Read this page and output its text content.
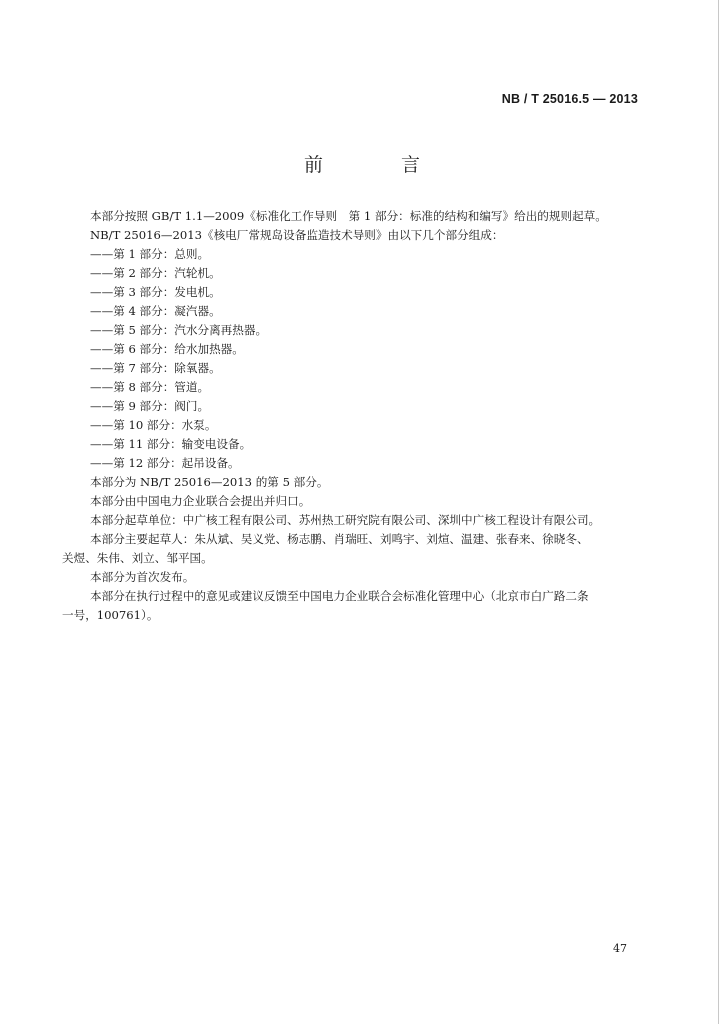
NB / T 25016.5 — 2013
前 言
本部分按照 GB/T 1.1—2009《标准化工作导则　第 1 部分：标准的结构和编写》给出的规则起草。
NB/T 25016—2013《核电厂常规岛设备监造技术导则》由以下几个部分组成：
——第 1 部分：总则。
——第 2 部分：汽轮机。
——第 3 部分：发电机。
——第 4 部分：凝汽器。
——第 5 部分：汽水分离再热器。
——第 6 部分：给水加热器。
——第 7 部分：除氧器。
——第 8 部分：管道。
——第 9 部分：阀门。
——第 10 部分：水泵。
——第 11 部分：输变电设备。
——第 12 部分：起吊设备。
本部分为 NB/T 25016—2013 的第 5 部分。
本部分由中国电力企业联合会提出并归口。
本部分起草单位：中广核工程有限公司、苏州热工研究院有限公司、深圳中广核工程设计有限公司。
本部分主要起草人：朱从斌、吴义党、杨志鹏、肖瑞旺、刘鸣宇、刘煊、温建、张春来、徐晓冬、
关煜、朱伟、刘立、邹平国。
本部分为首次发布。
本部分在执行过程中的意见或建议反馈至中国电力企业联合会标准化管理中心（北京市白广路二条
一号，100761）。
47
